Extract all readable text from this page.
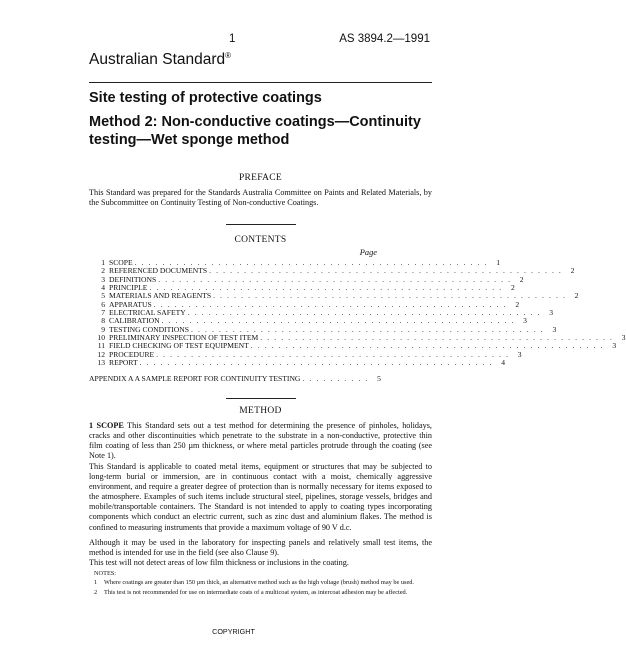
1	AS 3894.2—1991
Australian Standard®
Site testing of protective coatings
Method 2: Non-conductive coatings—Continuity testing—Wet sponge method
PREFACE
This Standard was prepared for the Standards Australia Committee on Paints and Related Materials, by the Subcommittee on Continuity Testing of Non-conductive Coatings.
CONTENTS
Page
1 SCOPE . . . . . . . . . . . . . . . . . . . . . . . . . . . . . . . . . . . . . . . . . . . . . . . . . . .	1
2 REFERENCED DOCUMENTS . . . . . . . . . . . . . . . . . . . . . . . . . . . . . . . . . . . . . . . . . . . . . . . . . . .	2
3 DEFINITIONS . . . . . . . . . . . . . . . . . . . . . . . . . . . . . . . . . . . . . . . . . . . . . . . . . . .	2
4 PRINCIPLE . . . . . . . . . . . . . . . . . . . . . . . . . . . . . . . . . . . . . . . . . . . . . . . . . . .	2
5 MATERIALS AND REAGENTS . . . . . . . . . . . . . . . . . . . . . . . . . . . . . . . . . . . . . . . . . . . . . . . . . . .	2
6 APPARATUS . . . . . . . . . . . . . . . . . . . . . . . . . . . . . . . . . . . . . . . . . . . . . . . . . . .	2
7 ELECTRICAL SAFETY . . . . . . . . . . . . . . . . . . . . . . . . . . . . . . . . . . . . . . . . . . . . . . . . . . .	3
8 CALIBRATION . . . . . . . . . . . . . . . . . . . . . . . . . . . . . . . . . . . . . . . . . . . . . . . . . . .	3
9 TESTING CONDITIONS . . . . . . . . . . . . . . . . . . . . . . . . . . . . . . . . . . . . . . . . . . . . . . . . . . .	3
10 PRELIMINARY INSPECTION OF TEST ITEM . . . . . . . . . . . . . . . . . . . . . . . . . . . . . . . . . . . . . . . . . . . . . . . . . . .	3
11 FIELD CHECKING OF TEST EQUIPMENT . . . . . . . . . . . . . . . . . . . . . . . . . . . . . . . . . . . . . . . . . . . . . . . . . . .	3
12 PROCEDURE . . . . . . . . . . . . . . . . . . . . . . . . . . . . . . . . . . . . . . . . . . . . . . . . . . .	3
13 REPORT . . . . . . . . . . . . . . . . . . . . . . . . . . . . . . . . . . . . . . . . . . . . . . . . . . .	4
APPENDIX A A SAMPLE REPORT FOR CONTINUITY TESTING . . . . . . . . . .	5
METHOD
1 SCOPE This Standard sets out a test method for determining the presence of pinholes, holidays, cracks and other discontinuities which penetrate to the substrate in a non-conductive, protective thin film coating of less than 250 µm thickness, or where metal particles protrude through the coating (see Note 1).
This Standard is applicable to coated metal items, equipment or structures that may be subjected to long-term burial or immersion, are in continuous contact with a moist, chemically aggressive environment, and require a greater degree of protection than is normally necessary for items exposed to the atmosphere. Examples of such items include structural steel, pipelines, storage vessels, bridges and mobile/transportable containers. The Standard is not intended to apply to coating types incorporating components which conduct an electric current, such as zinc dust and aluminium flakes. The method is confined to measuring instruments that provide a maximum voltage of 90 V d.c.
Although it may be used in the laboratory for inspecting panels and relatively small test items, the method is intended for use in the field (see also Clause 9).
This test will not detect areas of low film thickness or inclusions in the coating.
NOTES:
1	Where coatings are greater than 150 µm thick, an alternative method such as the high voltage (brush) method may be used.
2	This test is not recommended for use on intermediate coats of a multicoat system, as intercoat adhesion may be affected.
COPYRIGHT
